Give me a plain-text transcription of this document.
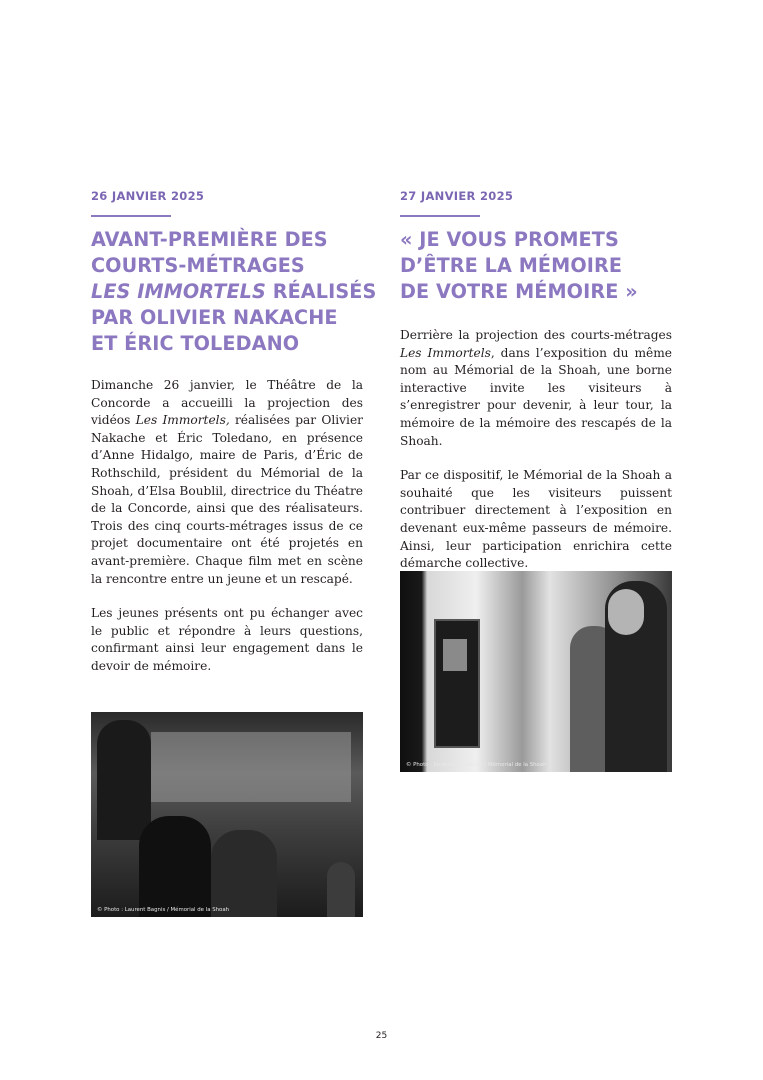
26 JANVIER 2025

AVANT-PREMIÈRE DES
COURTS-MÉTRAGES
LES IMMORTELS RÉALISÉS
PAR OLIVIER NAKACHE
ET ÉRIC TOLEDANO

Dimanche 26 janvier, le Théâtre de la Concorde a accueilli la projection des vidéos Les Immortels, réalisées par Olivier Nakache et Éric Toledano, en présence d’Anne Hidalgo, maire de Paris, d’Éric de Rothschild, président du Mémorial de la Shoah, d’Elsa Boublil, directrice du Théatre de la Concorde, ainsi que des réalisateurs. Trois des cinq courts-métrages issus de ce projet documentaire ont été projetés en avant-première. Chaque film met en scène la rencontre entre un jeune et un rescapé.

Les jeunes présents ont pu échanger avec le public et répondre à leurs questions, confirmant ainsi leur engagement dans le devoir de mémoire.

27 JANVIER 2025

« JE VOUS PROMETS
D’ÊTRE LA MÉMOIRE
DE VOTRE MÉMOIRE »

Derrière la projection des courts-métrages Les Immortels, dans l’exposition du même nom au Mémorial de la Shoah, une borne interactive invite les visiteurs à s’enregistrer pour devenir, à leur tour, la mémoire de la mémoire des rescapés de la Shoah.

Par ce dispositif, le Mémorial de la Shoah a souhaité que les visiteurs puissent contribuer directement à l’exposition en devenant eux-même passeurs de mémoire. Ainsi, leur participation enrichira cette démarche collective.

© Photo : Jonathan Kodiman / Mémorial de la Shoah
© Photo : Laurent Bagnis / Mémorial de la Shoah
25
